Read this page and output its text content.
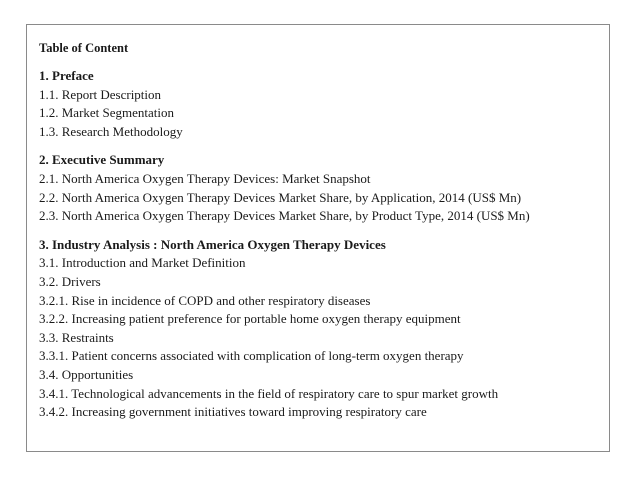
Table of Content
1. Preface
1.1. Report Description
1.2. Market Segmentation
1.3. Research Methodology
2. Executive Summary
2.1. North America Oxygen Therapy Devices: Market Snapshot
2.2. North America Oxygen Therapy Devices Market Share, by Application, 2014 (US$ Mn)
2.3. North America Oxygen Therapy Devices Market Share, by Product Type, 2014 (US$ Mn)
3. Industry Analysis : North America Oxygen Therapy Devices
3.1. Introduction and Market Definition
3.2. Drivers
3.2.1. Rise in incidence of COPD and other respiratory diseases
3.2.2. Increasing patient preference for portable home oxygen therapy equipment
3.3. Restraints
3.3.1. Patient concerns associated with complication of long-term oxygen therapy
3.4. Opportunities
3.4.1. Technological advancements in the field of respiratory care to spur market growth
3.4.2. Increasing government initiatives toward improving respiratory care
